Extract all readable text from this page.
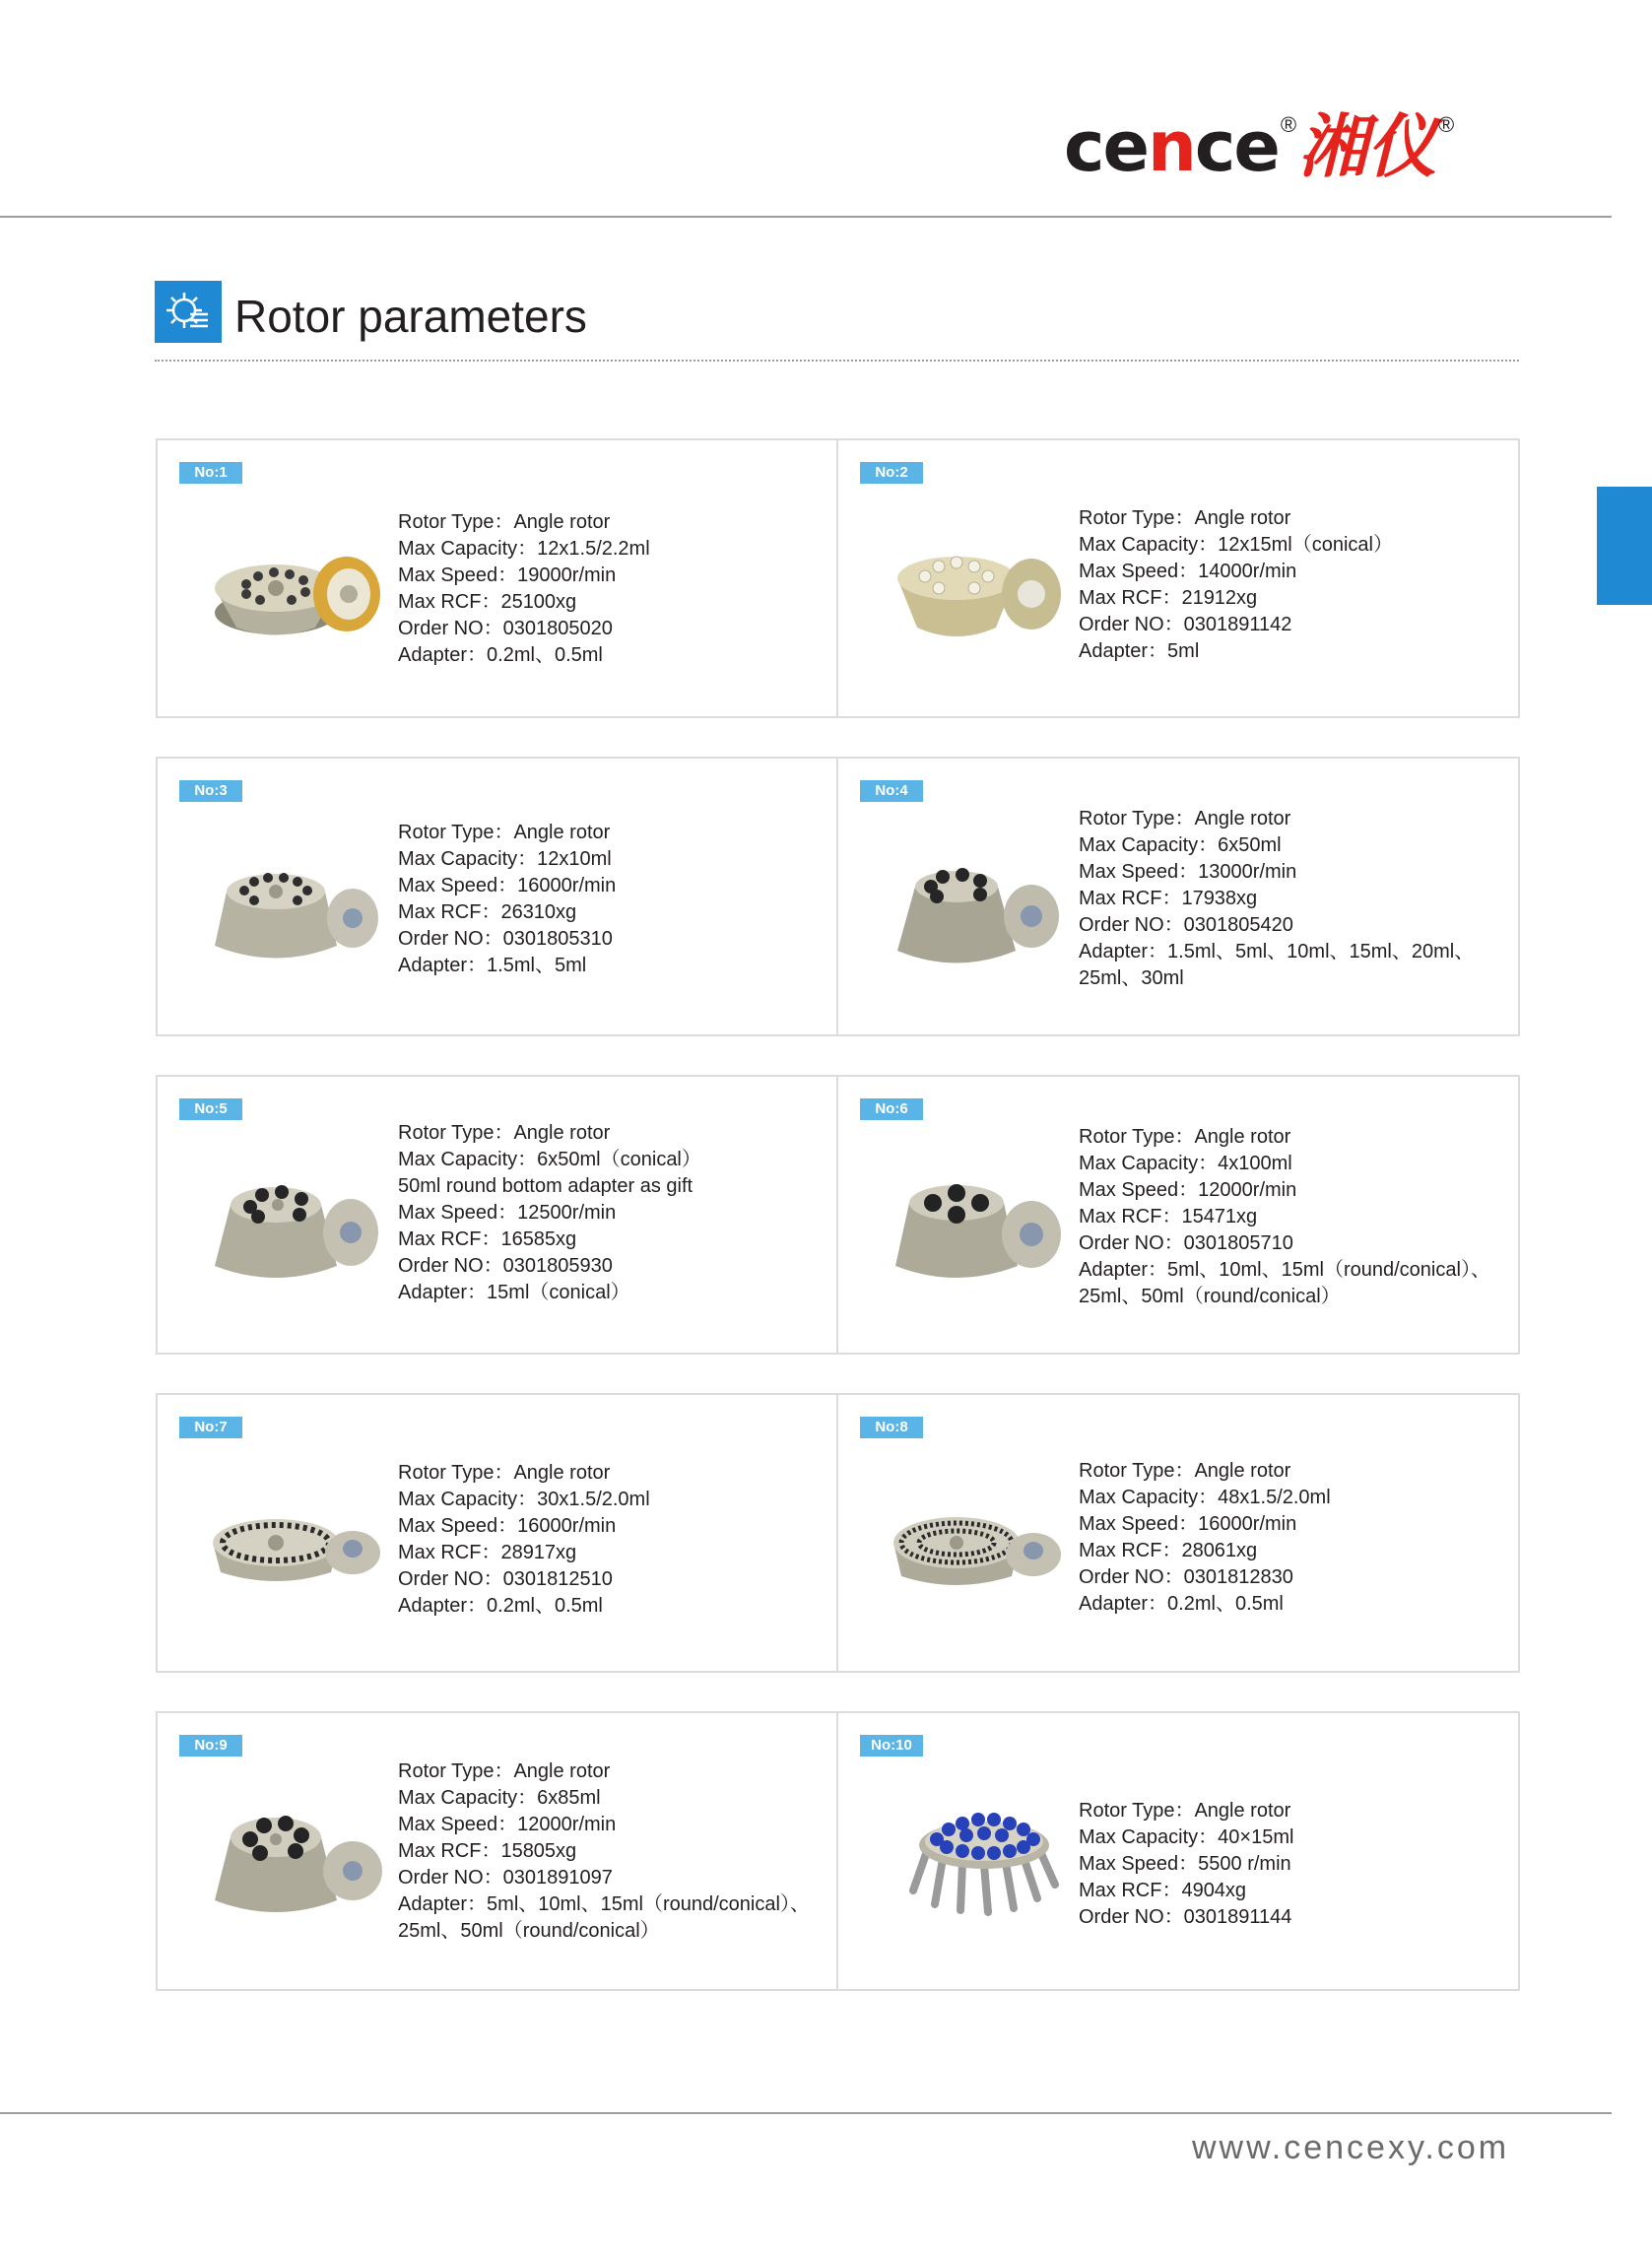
cence ® 湘仪 ®
Rotor parameters
No:1
Rotor Type：Angle rotor
Max Capacity：12x1.5/2.2ml
Max Speed：19000r/min
Max RCF：25100xg
Order NO：0301805020
Adapter：0.2ml、0.5ml
No:2
Rotor Type：Angle rotor
Max Capacity：12x15ml（conical）
Max Speed：14000r/min
Max RCF：21912xg
Order NO：0301891142
Adapter：5ml
No:3
Rotor Type：Angle rotor
Max Capacity：12x10ml
Max Speed：16000r/min
Max RCF：26310xg
Order NO：0301805310
Adapter：1.5ml、5ml
No:4
Rotor Type：Angle rotor
Max Capacity：6x50ml
Max Speed：13000r/min
Max RCF：17938xg
Order NO：0301805420
Adapter：1.5ml、5ml、10ml、15ml、20ml、
25ml、30ml
No:5
Rotor Type：Angle rotor
Max Capacity：6x50ml（conical）
50ml round bottom adapter as gift
Max Speed：12500r/min
Max RCF：16585xg
Order NO：0301805930
Adapter：15ml（conical）
No:6
Rotor Type：Angle rotor
Max Capacity：4x100ml
Max Speed：12000r/min
Max RCF：15471xg
Order NO：0301805710
Adapter：5ml、10ml、15ml（round/conical）、
25ml、50ml（round/conical）
No:7
Rotor Type：Angle rotor
Max Capacity：30x1.5/2.0ml
Max Speed：16000r/min
Max RCF：28917xg
Order NO：0301812510
Adapter：0.2ml、0.5ml
No:8
Rotor Type：Angle rotor
Max Capacity：48x1.5/2.0ml
Max Speed：16000r/min
Max RCF：28061xg
Order NO：0301812830
Adapter：0.2ml、0.5ml
No:9
Rotor Type：Angle rotor
Max Capacity：6x85ml
Max Speed：12000r/min
Max RCF：15805xg
Order NO：0301891097
Adapter：5ml、10ml、15ml（round/conical）、
25ml、50ml（round/conical）
No:10
Rotor Type：Angle rotor
Max Capacity：40×15ml
Max Speed：5500 r/min
Max RCF：4904xg
Order NO：0301891144
www.cencexy.com
